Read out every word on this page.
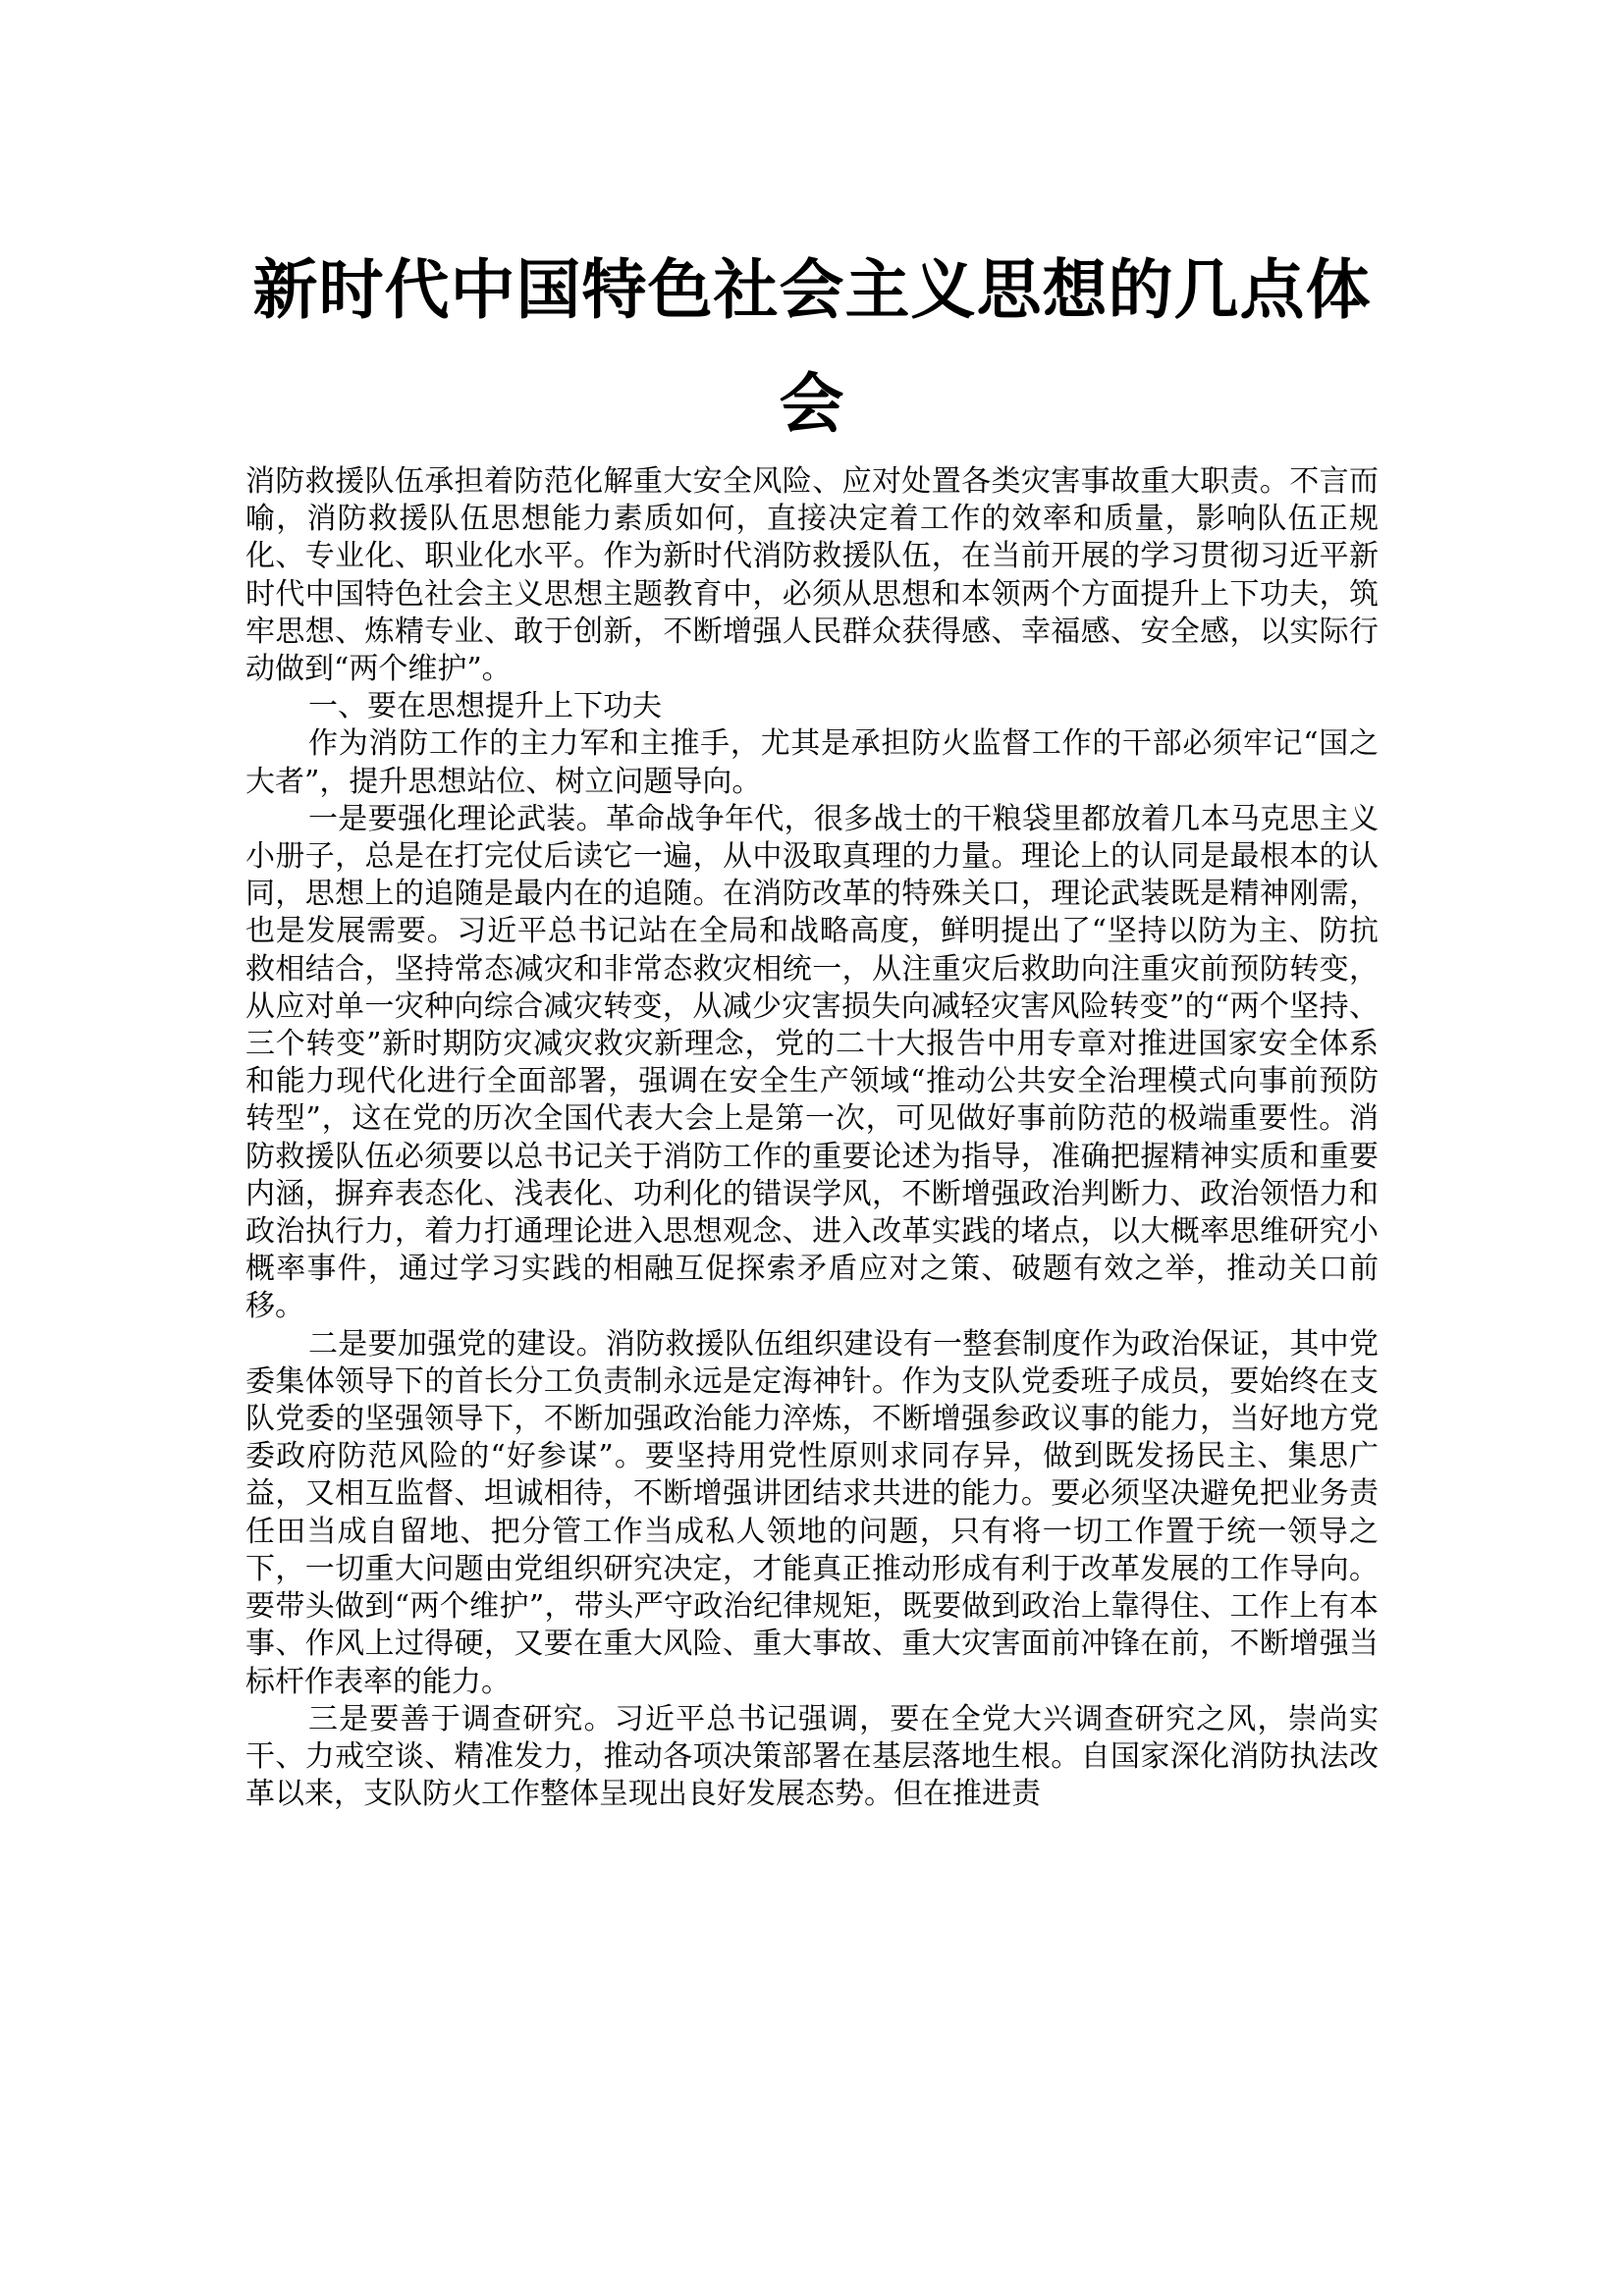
新时代中国特色社会主义思想的几点体会

消防救援队伍承担着防范化解重大安全风险、应对处置各类灾害事故重大职责。不言而喻，消防救援队伍思想能力素质如何，直接决定着工作的效率和质量，影响队伍正规化、专业化、职业化水平。作为新时代消防救援队伍，在当前开展的学习贯彻习近平新时代中国特色社会主义思想主题教育中，必须从思想和本领两个方面提升上下功夫，筑牢思想、炼精专业、敢于创新，不断增强人民群众获得感、幸福感、安全感，以实际行动做到“两个维护”。

一、要在思想提升上下功夫

作为消防工作的主力军和主推手，尤其是承担防火监督工作的干部必须牢记“国之大者”，提升思想站位、树立问题导向。

一是要强化理论武装。革命战争年代，很多战士的干粮袋里都放着几本马克思主义小册子，总是在打完仗后读它一遍，从中汲取真理的力量。理论上的认同是最根本的认同，思想上的追随是最内在的追随。在消防改革的特殊关口，理论武装既是精神刚需，也是发展需要。习近平总书记站在全局和战略高度，鲜明提出了“坚持以防为主、防抗救相结合，坚持常态减灾和非常态救灾相统一，从注重灾后救助向注重灾前预防转变，从应对单一灾种向综合减灾转变，从减少灾害损失向减轻灾害风险转变”的“两个坚持、三个转变”新时期防灾减灾救灾新理念，党的二十大报告中用专章对推进国家安全体系和能力现代化进行全面部署，强调在安全生产领域“推动公共安全治理模式向事前预防转型”，这在党的历次全国代表大会上是第一次，可见做好事前防范的极端重要性。消防救援队伍必须要以总书记关于消防工作的重要论述为指导，准确把握精神实质和重要内涵，摒弃表态化、浅表化、功利化的错误学风，不断增强政治判断力、政治领悟力和政治执行力，着力打通理论进入思想观念、进入改革实践的堵点，以大概率思维研究小概率事件，通过学习实践的相融互促探索矛盾应对之策、破题有效之举，推动关口前移。

二是要加强党的建设。消防救援队伍组织建设有一整套制度作为政治保证，其中党委集体领导下的首长分工负责制永远是定海神针。作为支队党委班子成员，要始终在支队党委的坚强领导下，不断加强政治能力淬炼，不断增强参政议事的能力，当好地方党委政府防范风险的“好参谋”。要坚持用党性原则求同存异，做到既发扬民主、集思广益，又相互监督、坦诚相待，不断增强讲团结求共进的能力。要必须坚决避免把业务责任田当成自留地、把分管工作当成私人领地的问题，只有将一切工作置于统一领导之下，一切重大问题由党组织研究决定，才能真正推动形成有利于改革发展的工作导向。要带头做到“两个维护”，带头严守政治纪律规矩，既要做到政治上靠得住、工作上有本事、作风上过得硬，又要在重大风险、重大事故、重大灾害面前冲锋在前，不断增强当标杆作表率的能力。

三是要善于调查研究。习近平总书记强调，要在全党大兴调查研究之风，崇尚实干、力戒空谈、精准发力，推动各项决策部署在基层落地生根。自国家深化消防执法改革以来，支队防火工作整体呈现出良好发展态势。但在推进责
